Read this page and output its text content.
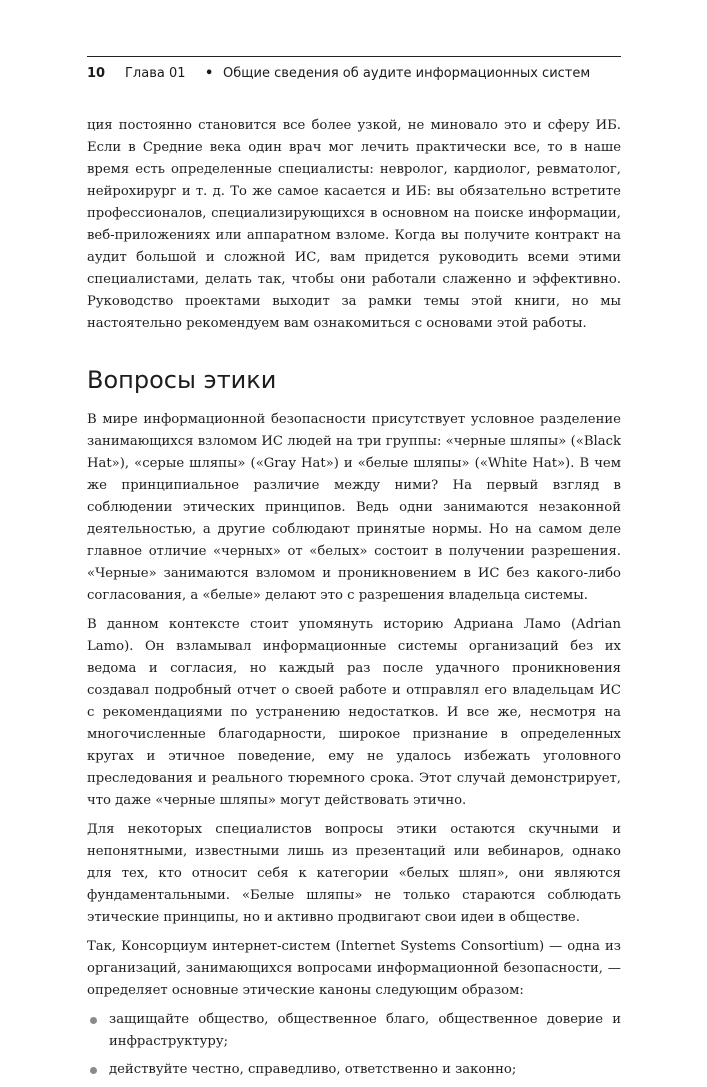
10	Глава 01	• Общие сведения об аудите информационных систем

ция постоянно становится все более узкой, не миновало это и сферу ИБ. Если в Средние века один врач мог лечить практически все, то в наше время есть определенные специалисты: невролог, кардиолог, ревматолог, нейрохирург и т. д. То же самое касается и ИБ: вы обязательно встретите профессионалов, специализирующихся в основном на поиске информации, веб-приложениях или аппаратном взломе. Когда вы получите контракт на аудит большой и сложной ИС, вам придется руководить всеми этими специалистами, делать так, чтобы они работали слаженно и эффективно. Руководство проектами выходит за рамки темы этой книги, но мы настоятельно рекомендуем вам ознакомиться с основами этой работы.

Вопросы этики

В мире информационной безопасности присутствует условное разделение занимающихся взломом ИС людей на три группы: «черные шляпы» («Black Hat»), «серые шляпы» («Gray Hat») и «белые шляпы» («White Hat»). В чем же принципиальное различие между ними? На первый взгляд в соблюдении этических принципов. Ведь одни занимаются незаконной деятельностью, а другие соблюдают принятые нормы. Но на самом деле главное отличие «черных» от «белых» состоит в получении разрешения. «Черные» занимаются взломом и проникновением в ИС без какого-либо согласования, а «белые» делают это с разрешения владельца системы.

В данном контексте стоит упомянуть историю Адриана Ламо (Adrian Lamo). Он взламывал информационные системы организаций без их ведома и согласия, но каждый раз после удачного проникновения создавал подробный отчет о своей работе и отправлял его владельцам ИС с рекомендациями по устранению недостатков. И все же, несмотря на многочисленные благодарности, широкое признание в определенных кругах и этичное поведение, ему не удалось избежать уголовного преследования и реального тюремного срока. Этот случай демонстрирует, что даже «черные шляпы» могут действовать этично.

Для некоторых специалистов вопросы этики остаются скучными и непонятными, известными лишь из презентаций или вебинаров, однако для тех, кто относит себя к категории «белых шляп», они являются фундаментальными. «Белые шляпы» не только стараются соблюдать этические принципы, но и активно продвигают свои идеи в обществе.

Так, Консорциум интернет-систем (Internet Systems Consortium) — одна из организаций, занимающихся вопросами информационной безопасности, — определяет основные этические каноны следующим образом:

защищайте общество, общественное благо, общественное доверие и инфраструктуру;
действуйте честно, справедливо, ответственно и законно;
